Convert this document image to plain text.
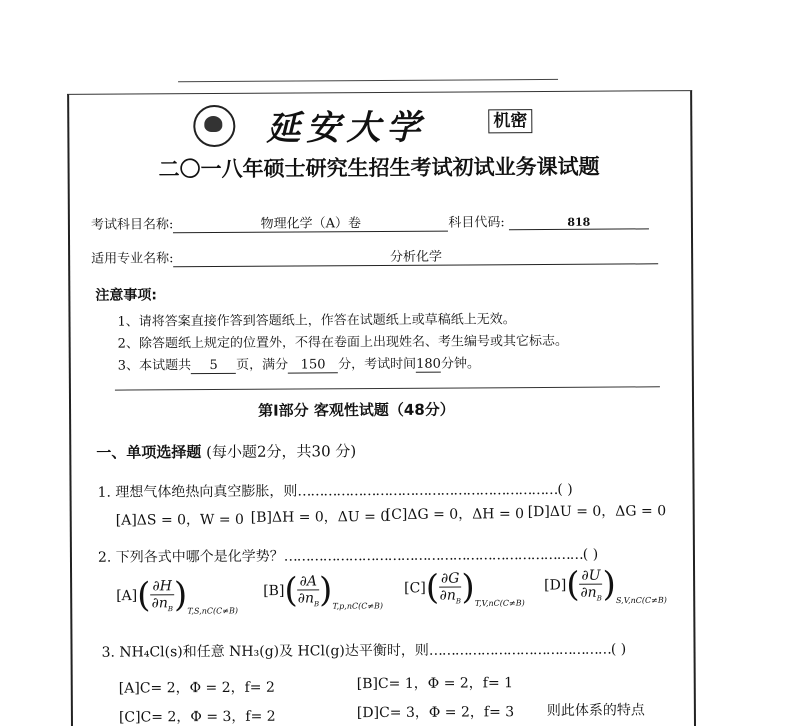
延安大学	机密
二〇一八年硕士研究生招生考试初试业务课试题
考试科目名称:	物理化学（A）卷	科目代码:	818
适用专业名称:	分析化学
注意事项:
1、请将答案直接作答到答题纸上，作答在试题纸上或草稿纸上无效。
2、除答题纸上规定的位置外，不得在卷面上出现姓名、考生编号或其它标志。
3、本试题共 5 页，满分 150 分，考试时间180分钟。
第I部分 客观性试题（48分）
一、单项选择题 (每小题2分，共30 分)
1. 理想气体绝热向真空膨胀，则……………………………………………………( )
[A]ΔS = 0，W = 0 [B]ΔH = 0，ΔU = 0
[C]ΔG = 0，ΔH = 0 [D]ΔU = 0，ΔG = 0
2. 下列各式中哪个是化学势？……………………………………………………………( )
[A]( ∂H
$\partial n_B)_{T,S,nC(C\ne B)}$
[B]( ∂A
$\partial n_B)_{T,p,nC(C\ne B)}$
[C]( ∂G
$\partial n_B)_{T,V,nC(C\ne B)}$
[D]( ∂U
$\partial n_B)_{S,V,nC(C\ne B)}$
3. NH₄Cl(s)和任意 NH₃(g)及 HCl(g)达平衡时，则……………………………………( )
[A]C= 2，Φ = 2，f= 2	[B]C= 1，Φ = 2，f= 1
[C]C= 2，Φ = 3，f= 2	[D]C= 3，Φ = 2，f= 3 则此体系的特点
